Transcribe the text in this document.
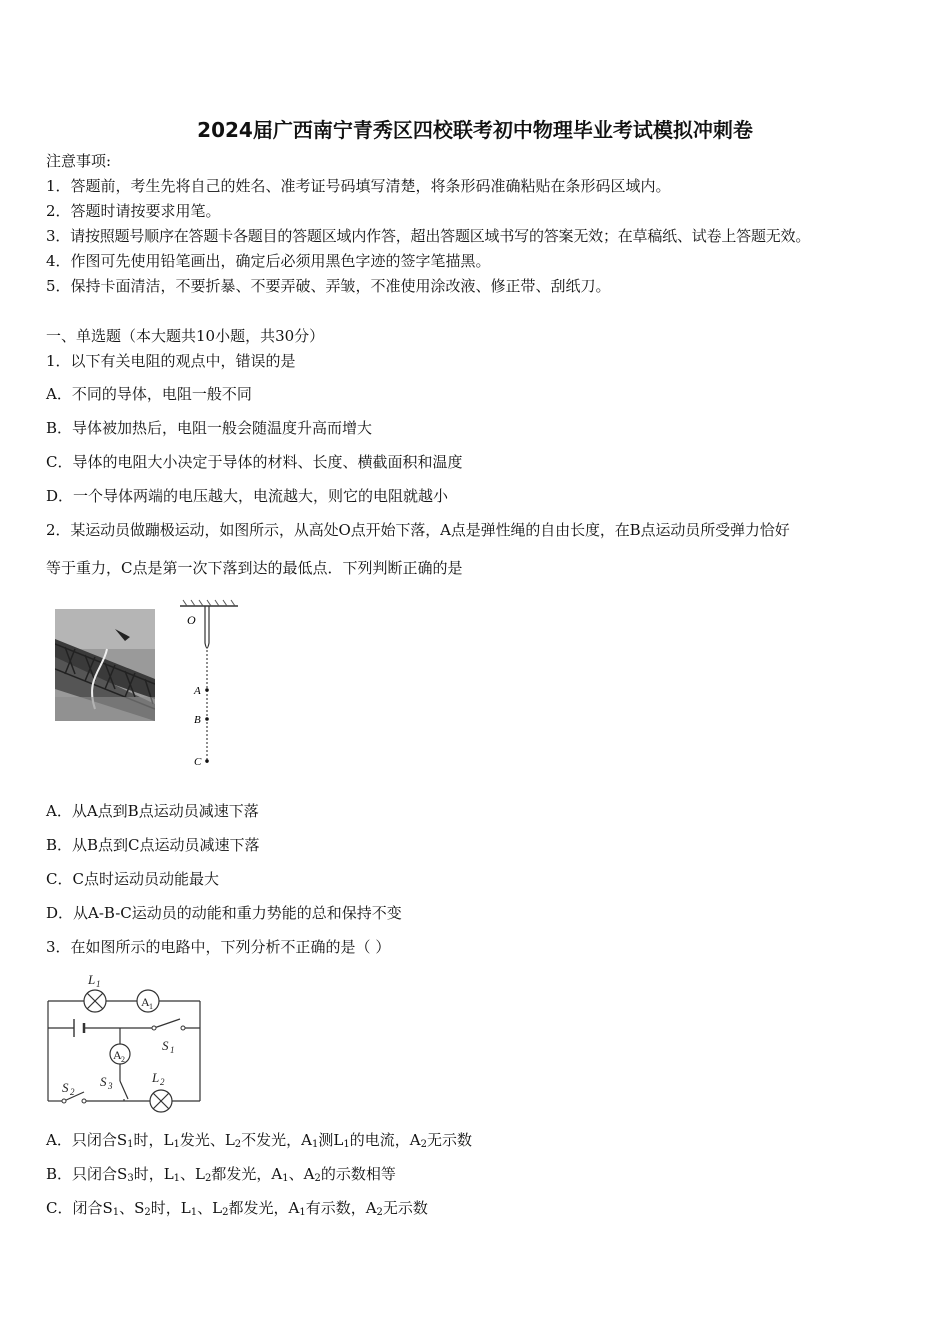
2024届广西南宁青秀区四校联考初中物理毕业考试模拟冲刺卷
注意事项:
1．答题前，考生先将自己的姓名、准考证号码填写清楚，将条形码准确粘贴在条形码区域内。
2．答题时请按要求用笔。
3．请按照题号顺序在答题卡各题目的答题区域内作答，超出答题区域书写的答案无效；在草稿纸、试卷上答题无效。
4．作图可先使用铅笔画出，确定后必须用黑色字迹的签字笔描黑。
5．保持卡面清洁，不要折暴、不要弄破、弄皱，不准使用涂改液、修正带、刮纸刀。
一、单选题（本大题共10小题，共30分）
1．以下有关电阻的观点中，错误的是
A．不同的导体，电阻一般不同
B．导体被加热后，电阻一般会随温度升高而增大
C．导体的电阻大小决定于导体的材料、长度、横截面积和温度
D．一个导体两端的电压越大，电流越大，则它的电阻就越小
2．某运动员做蹦极运动，如图所示，从高处O点开始下落，A点是弹性绳的自由长度，在B点运动员所受弹力恰好
等于重力，C点是第一次下落到达的最低点．下列判断正确的是
O
A
B
C
A．从A点到B点运动员减速下落
B．从B点到C点运动员减速下落
C．C点时运动员动能最大
D．从A-B-C运动员的动能和重力势能的总和保持不变
3．在如图所示的电路中，下列分析不正确的是（ ）
L 1
A 1
A 2
S 1
S 2
S 3
L 2
A．只闭合$S_1$时，$L_1$发光、$L_2$不发光，$A_1$测$L_1$的电流，$A_2$无示数
B．只闭合$S_3$时，$L_1$、$L_2$都发光，$A_1$、$A_2$的示数相等
C．闭合$S_1$、$S_2$时，$L_1$、$L_2$都发光，$A_1$有示数，$A_2$无示数
